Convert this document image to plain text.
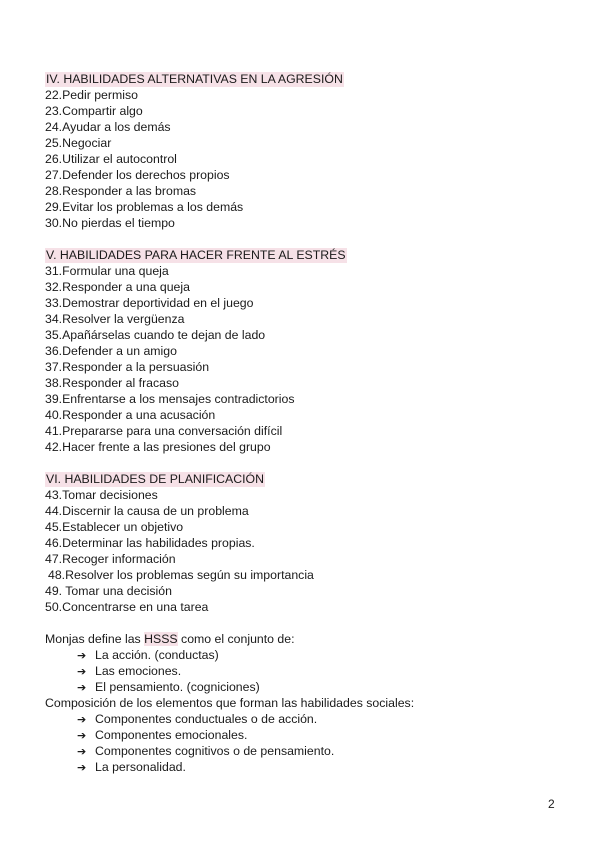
IV. HABILIDADES ALTERNATIVAS EN LA AGRESIÓN
22.Pedir permiso
23.Compartir algo
24.Ayudar a los demás
25.Negociar
26.Utilizar el autocontrol
27.Defender los derechos propios
28.Responder a las bromas
29.Evitar los problemas a los demás
30.No pierdas el tiempo
V. HABILIDADES PARA HACER FRENTE AL ESTRÉS
31.Formular una queja
32.Responder a una queja
33.Demostrar deportividad en el juego
34.Resolver la vergüenza
35.Apañárselas cuando te dejan de lado
36.Defender a un amigo
37.Responder a la persuasión
38.Responder al fracaso
39.Enfrentarse a los mensajes contradictorios
40.Responder a una acusación
41.Prepararse para una conversación difícil
42.Hacer frente a las presiones del grupo
VI. HABILIDADES DE PLANIFICACIÓN
43.Tomar decisiones
44.Discernir la causa de un problema
45.Establecer un objetivo
46.Determinar las habilidades propias.
47.Recoger información
48.Resolver los problemas según su importancia
49. Tomar una decisión
50.Concentrarse en una tarea
Monjas define las HSSS como el conjunto de:
➔ La acción. (conductas)
➔ Las emociones.
➔ El pensamiento. (cogniciones)
Composición de los elementos que forman las habilidades sociales:
➔ Componentes conductuales o de acción.
➔ Componentes emocionales.
➔ Componentes cognitivos o de pensamiento.
➔ La personalidad.
2
